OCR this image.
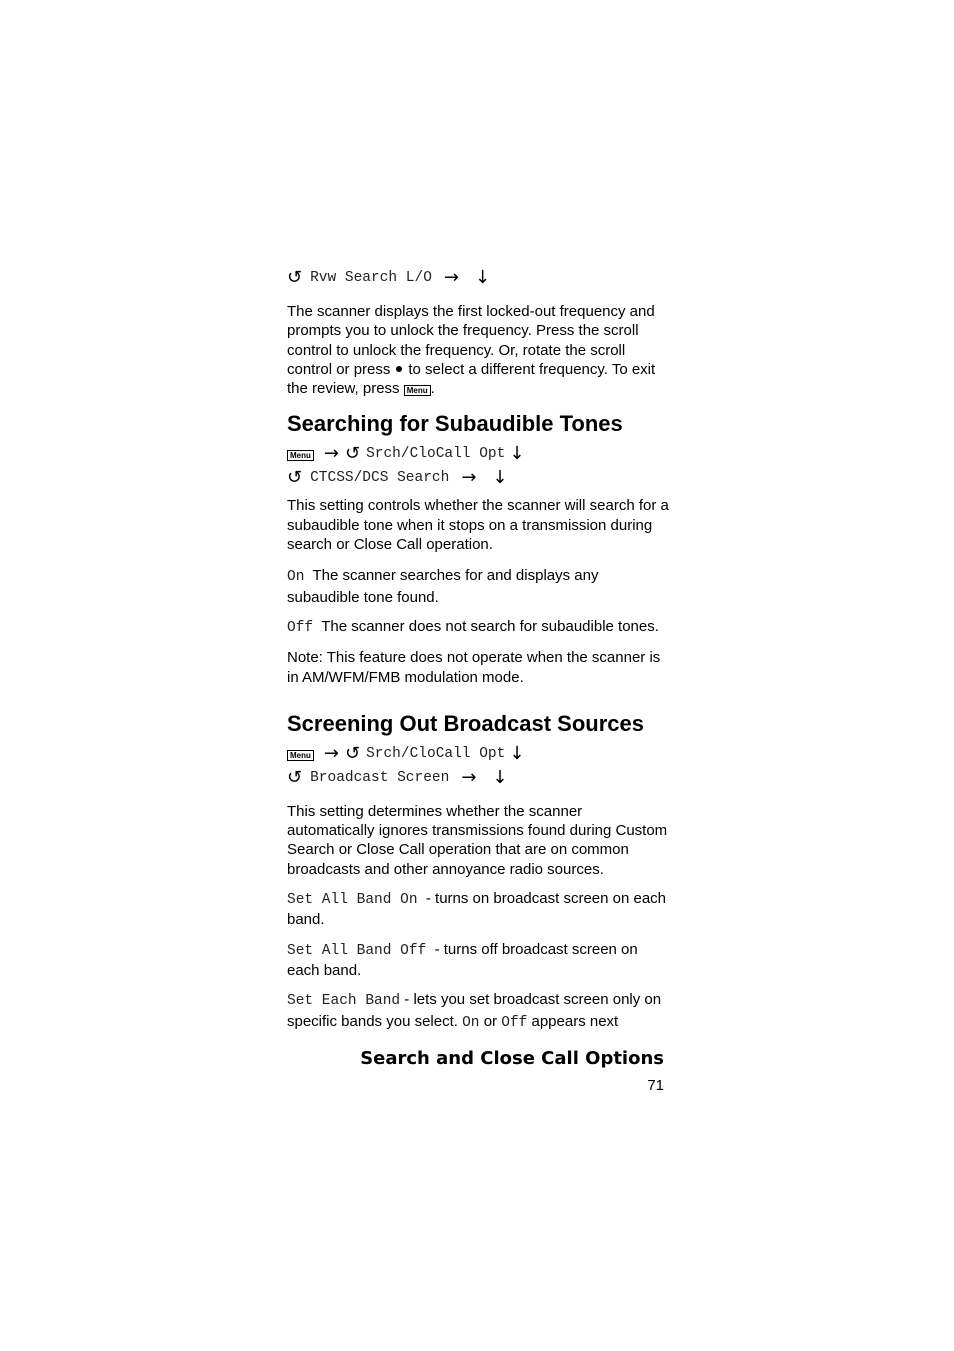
↺ Rvw Search L/O → ↓

The scanner displays the first locked-out frequency and prompts you to unlock the frequency. Press the scroll control to unlock the frequency. Or, rotate the scroll control or press to select a different frequency. To exit the review, press Menu .

Searching for Subaudible Tones
Menu → ↺ Srch/CloCall Opt ↓
↺ CTCSS/DCS Search → ↓

This setting controls whether the scanner will search for a subaudible tone when it stops on a transmission during search or Close Call operation.

On The scanner searches for and displays any subaudible tone found.

Off The scanner does not search for subaudible tones.

Note: This feature does not operate when the scanner is in AM/WFM/FMB modulation mode.

Screening Out Broadcast Sources
Menu → ↺ Srch/CloCall Opt ↓
↺ Broadcast Screen → ↓

This setting determines whether the scanner automatically ignores transmissions found during Custom Search or Close Call operation that are on common broadcasts and other annoyance radio sources.

Set All Band On - turns on broadcast screen on each band.

Set All Band Off - turns off broadcast screen on each band.

Set Each Band - lets you set broadcast screen only on specific bands you select. On or Off appears next

Search and Close Call Options
71
